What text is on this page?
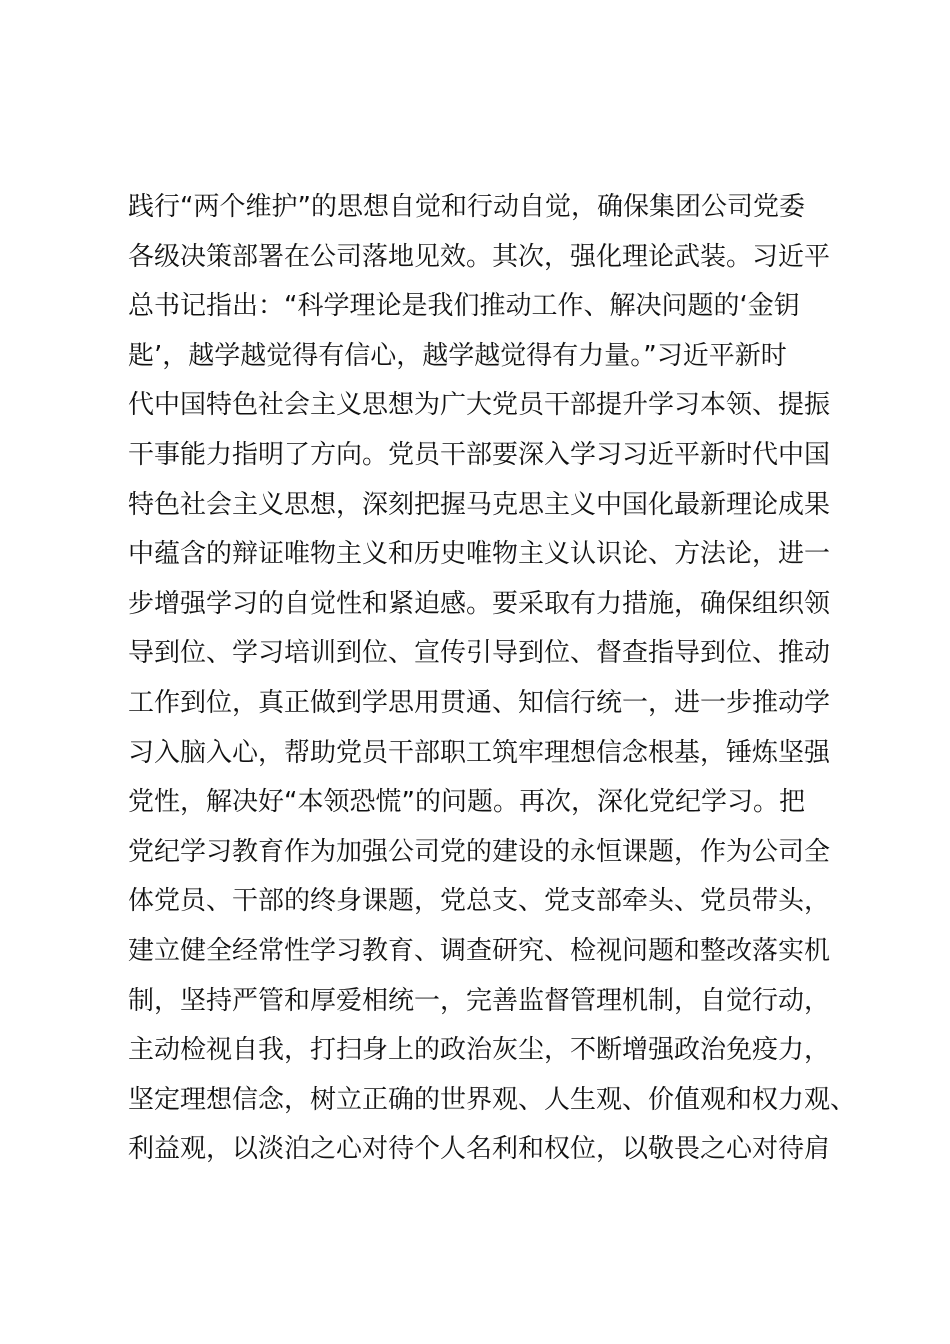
践行“两个维护”的思想自觉和行动自觉，确保集团公司党委
各级决策部署在公司落地见效。其次，强化理论武装。习近平
总书记指出：“科学理论是我们推动工作、解决问题的‘金钥
匙’，越学越觉得有信心，越学越觉得有力量。”习近平新时
代中国特色社会主义思想为广大党员干部提升学习本领、提振
干事能力指明了方向。党员干部要深入学习习近平新时代中国
特色社会主义思想，深刻把握马克思主义中国化最新理论成果
中蕴含的辩证唯物主义和历史唯物主义认识论、方法论，进一
步增强学习的自觉性和紧迫感。要采取有力措施，确保组织领
导到位、学习培训到位、宣传引导到位、督查指导到位、推动
工作到位，真正做到学思用贯通、知信行统一，进一步推动学
习入脑入心，帮助党员干部职工筑牢理想信念根基，锤炼坚强
党性，解决好“本领恐慌”的问题。再次，深化党纪学习。把
党纪学习教育作为加强公司党的建设的永恒课题，作为公司全
体党员、干部的终身课题，党总支、党支部牵头、党员带头，
建立健全经常性学习教育、调查研究、检视问题和整改落实机
制，坚持严管和厚爱相统一，完善监督管理机制，自觉行动，
主动检视自我，打扫身上的政治灰尘，不断增强政治免疫力，
坚定理想信念，树立正确的世界观、人生观、价值观和权力观、
利益观，以淡泊之心对待个人名利和权位，以敬畏之心对待肩
